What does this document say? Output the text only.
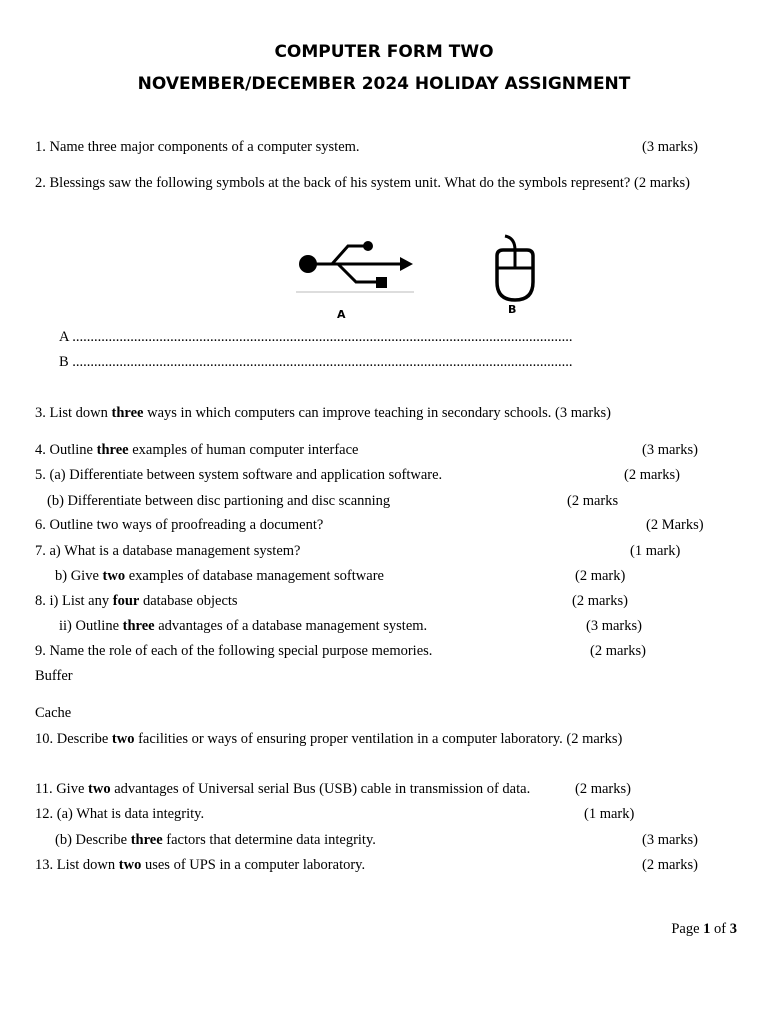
COMPUTER FORM TWO
NOVEMBER/DECEMBER 2024 HOLIDAY ASSIGNMENT
1. Name three major components of a computer system.	(3 marks)
2. Blessings saw the following symbols at the back of his system unit. What do the symbols represent? (2 marks)
A	B
A ..........................................................................................................................................
B ..........................................................................................................................................
3. List down three ways in which computers can improve teaching in secondary schools. (3 marks)
4. Outline three examples of human computer interface	(3 marks)
5. (a) Differentiate between system software and application software.	(2 marks)
(b) Differentiate between disc partioning and disc scanning	(2 marks
6. Outline two ways of proofreading a document?	(2 Marks)
7. a) What is a database management system?	(1 mark)
b) Give two examples of database management software	(2 mark)
8. i) List any four database objects	(2 marks)
ii) Outline three advantages of a database management system.	(3 marks)
9. Name the role of each of the following special purpose memories.	(2 marks)
Buffer
Cache
10. Describe two facilities or ways of ensuring proper ventilation in a computer laboratory. (2 marks)
11. Give two advantages of Universal serial Bus (USB) cable in transmission of data.	(2 marks)
12. (a) What is data integrity.	(1 mark)
(b) Describe three factors that determine data integrity.	(3 marks)
13. List down two uses of UPS in a computer laboratory.	(2 marks)
Page 1 of 3
